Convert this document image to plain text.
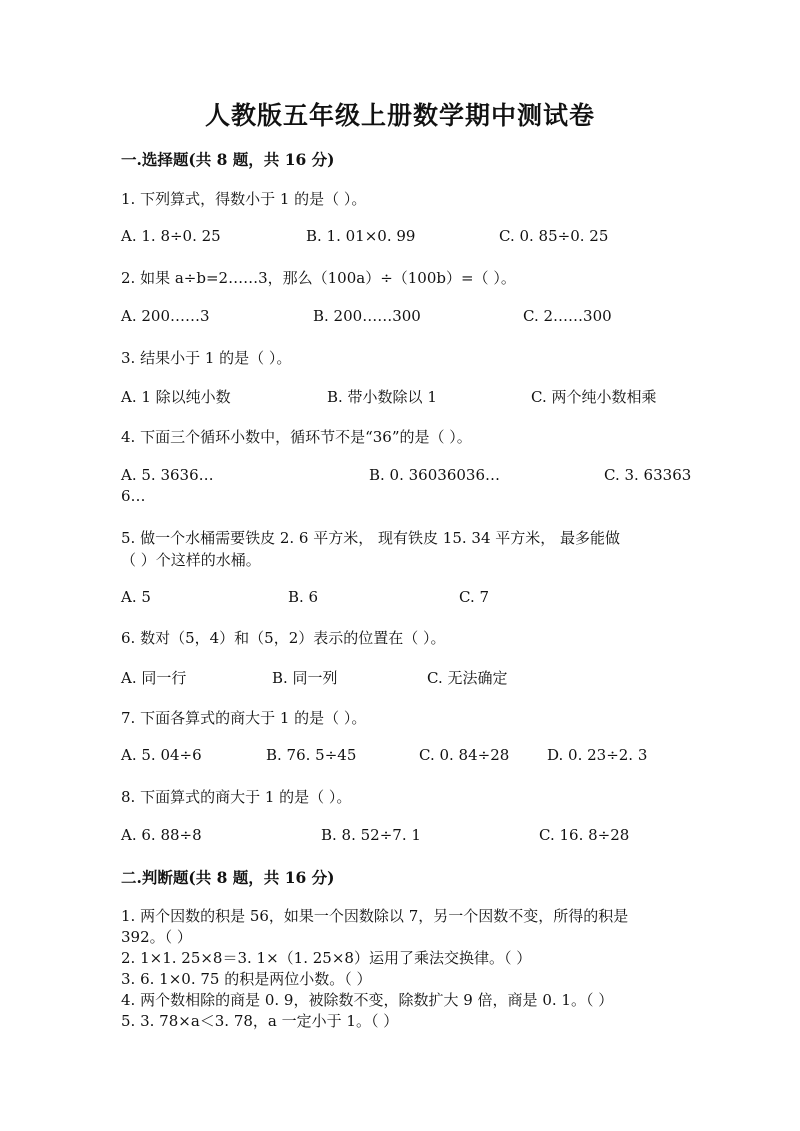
人教版五年级上册数学期中测试卷
一.选择题(共 8 题，共 16 分)
1. 下列算式，得数小于 1 的是（ ）。
A. 1. 8÷0. 25	B. 1. 01×0. 99	C. 0. 85÷0. 25
2. 如果 a÷b=2……3，那么（100a）÷（100b）=（ ）。
A. 200……3	B. 200……300	C. 2……300
3. 结果小于 1 的是（ ）。
A. 1 除以纯小数	B. 带小数除以 1	C. 两个纯小数相乘
4. 下面三个循环小数中，循环节不是“36”的是（ ）。
A. 5. 3636…	B. 0. 36036036…	C. 3. 63363
6…
5. 做一个水桶需要铁皮 2. 6 平方米， 现有铁皮 15. 34 平方米， 最多能做
（ ）个这样的水桶。
A. 5	B. 6	C. 7
6. 数对（5，4）和（5，2）表示的位置在（ ）。
A. 同一行	B. 同一列	C. 无法确定
7. 下面各算式的商大于 1 的是（ ）。
A. 5. 04÷6	B. 76. 5÷45	C. 0. 84÷28	D. 0. 23÷2. 3
8. 下面算式的商大于 1 的是（ ）。
A. 6. 88÷8	B. 8. 52÷7. 1	C. 16. 8÷28
二.判断题(共 8 题，共 16 分)
1. 两个因数的积是 56，如果一个因数除以 7，另一个因数不变，所得的积是
392。（ ）
2. 1×1. 25×8＝3. 1×（1. 25×8）运用了乘法交换律。（ ）
3. 6. 1×0. 75 的积是两位小数。（ ）
4. 两个数相除的商是 0. 9，被除数不变，除数扩大 9 倍，商是 0. 1。（ ）
5. 3. 78×a＜3. 78，a 一定小于 1。（ ）
